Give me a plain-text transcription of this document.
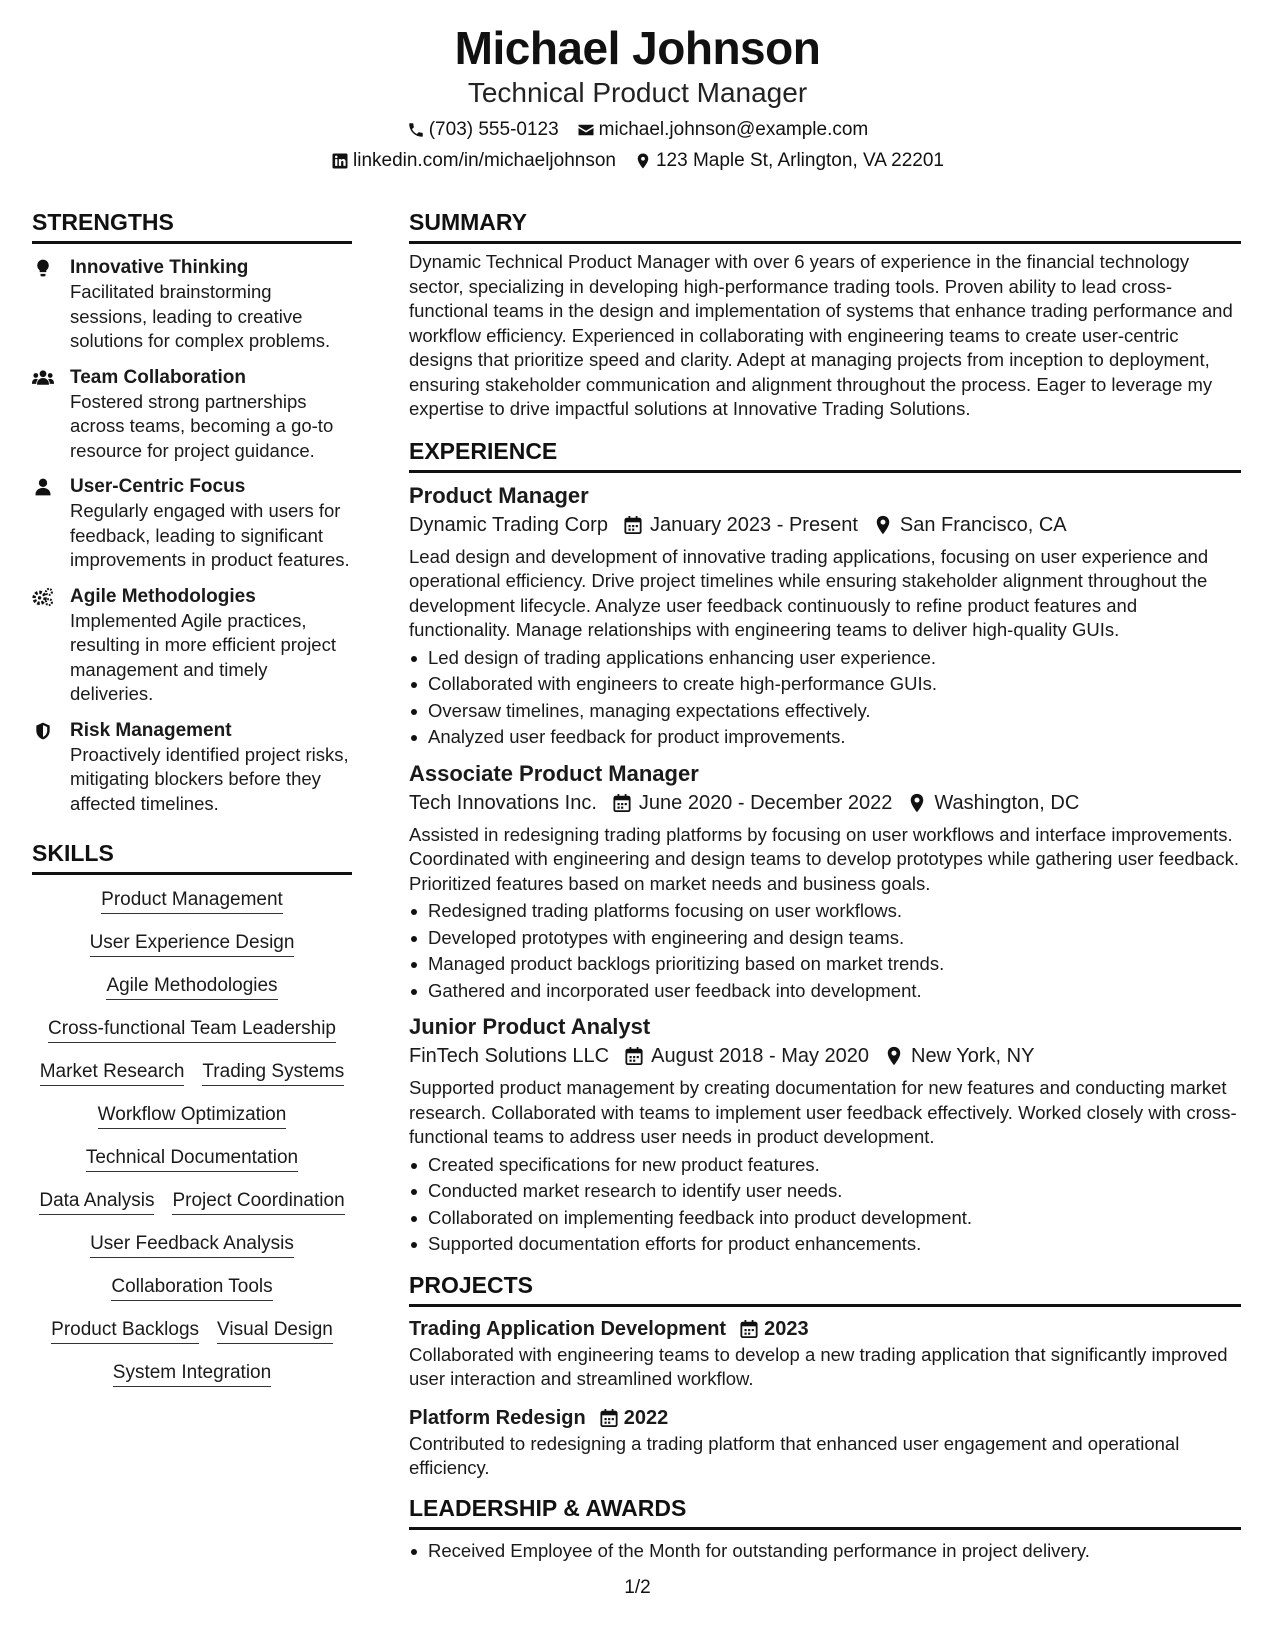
Michael Johnson
Technical Product Manager
(703) 555-0123 michael.johnson@example.com
linkedin.com/in/michaeljohnson 123 Maple St, Arlington, VA 22201
STRENGTHS
Innovative Thinking
Facilitated brainstorming sessions, leading to creative solutions for complex problems.
Team Collaboration
Fostered strong partnerships across teams, becoming a go-to resource for project guidance.
User-Centric Focus
Regularly engaged with users for feedback, leading to significant improvements in product features.
Agile Methodologies
Implemented Agile practices, resulting in more efficient project management and timely deliveries.
Risk Management
Proactively identified project risks, mitigating blockers before they affected timelines.
SKILLS
Product Management
User Experience Design
Agile Methodologies
Cross-functional Team Leadership
Market Research Trading Systems
Workflow Optimization
Technical Documentation
Data Analysis Project Coordination
User Feedback Analysis
Collaboration Tools
Product Backlogs Visual Design
System Integration
SUMMARY
Dynamic Technical Product Manager with over 6 years of experience in the financial technology sector, specializing in developing high-performance trading tools. Proven ability to lead cross-functional teams in the design and implementation of systems that enhance trading performance and workflow efficiency. Experienced in collaborating with engineering teams to create user-centric designs that prioritize speed and clarity. Adept at managing projects from inception to deployment, ensuring stakeholder communication and alignment throughout the process. Eager to leverage my expertise to drive impactful solutions at Innovative Trading Solutions.
EXPERIENCE
Product Manager
Dynamic Trading Corp January 2023 - Present San Francisco, CA
Lead design and development of innovative trading applications, focusing on user experience and operational efficiency. Drive project timelines while ensuring stakeholder alignment throughout the development lifecycle. Analyze user feedback continuously to refine product features and functionality. Manage relationships with engineering teams to deliver high-quality GUIs.
Led design of trading applications enhancing user experience.
Collaborated with engineers to create high-performance GUIs.
Oversaw timelines, managing expectations effectively.
Analyzed user feedback for product improvements.
Associate Product Manager
Tech Innovations Inc. June 2020 - December 2022 Washington, DC
Assisted in redesigning trading platforms by focusing on user workflows and interface improvements. Coordinated with engineering and design teams to develop prototypes while gathering user feedback. Prioritized features based on market needs and business goals.
Redesigned trading platforms focusing on user workflows.
Developed prototypes with engineering and design teams.
Managed product backlogs prioritizing based on market trends.
Gathered and incorporated user feedback into development.
Junior Product Analyst
FinTech Solutions LLC August 2018 - May 2020 New York, NY
Supported product management by creating documentation for new features and conducting market research. Collaborated with teams to implement user feedback effectively. Worked closely with cross-functional teams to address user needs in product development.
Created specifications for new product features.
Conducted market research to identify user needs.
Collaborated on implementing feedback into product development.
Supported documentation efforts for product enhancements.
PROJECTS
Trading Application Development 2023
Collaborated with engineering teams to develop a new trading application that significantly improved user interaction and streamlined workflow.
Platform Redesign 2022
Contributed to redesigning a trading platform that enhanced user engagement and operational efficiency.
LEADERSHIP & AWARDS
Received Employee of the Month for outstanding performance in project delivery.
1/2
